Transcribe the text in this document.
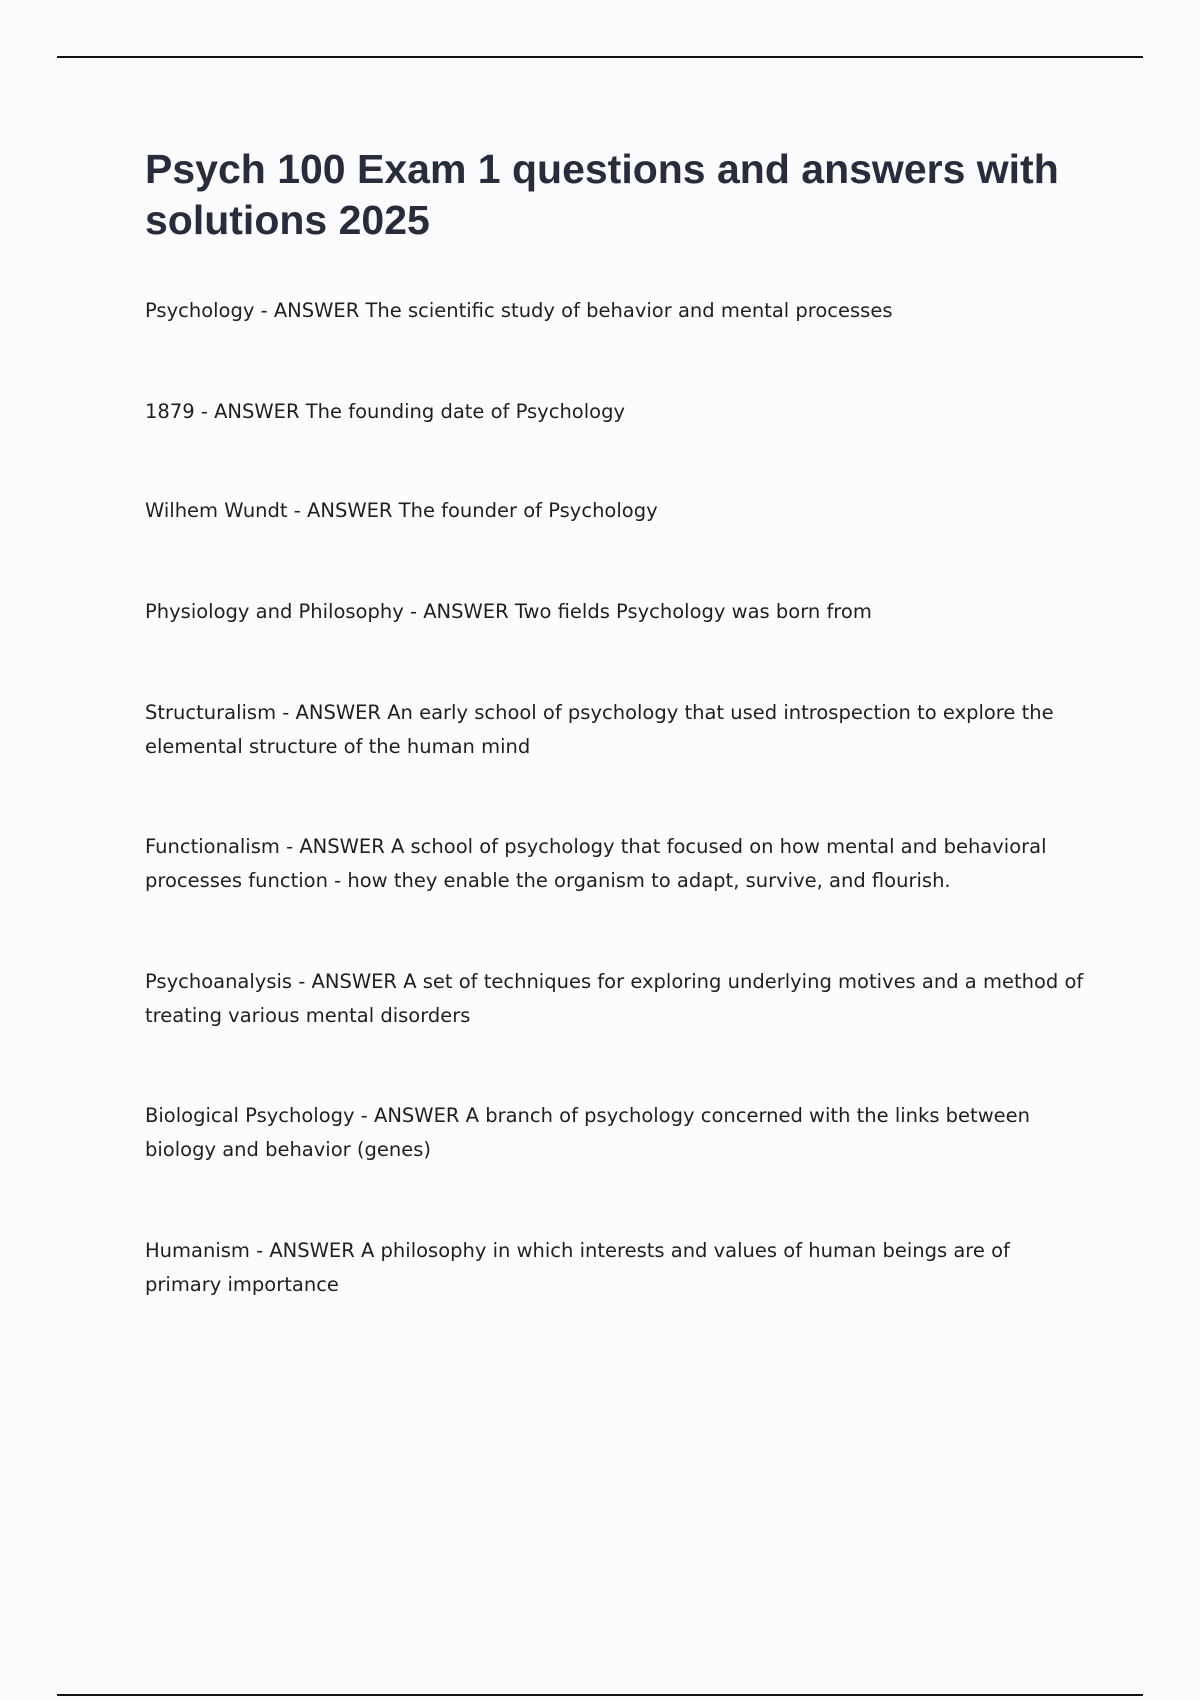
Psych 100 Exam 1 questions and answers with solutions 2025
Psychology - ANSWER The scientific study of behavior and mental processes
1879 - ANSWER The founding date of Psychology
Wilhem Wundt - ANSWER The founder of Psychology
Physiology and Philosophy - ANSWER Two fields Psychology was born from
Structuralism - ANSWER An early school of psychology that used introspection to explore the elemental structure of the human mind
Functionalism - ANSWER A school of psychology that focused on how mental and behavioral processes function - how they enable the organism to adapt, survive, and flourish.
Psychoanalysis - ANSWER A set of techniques for exploring underlying motives and a method of treating various mental disorders
Biological Psychology - ANSWER A branch of psychology concerned with the links between biology and behavior (genes)
Humanism - ANSWER A philosophy in which interests and values of human beings are of primary importance
